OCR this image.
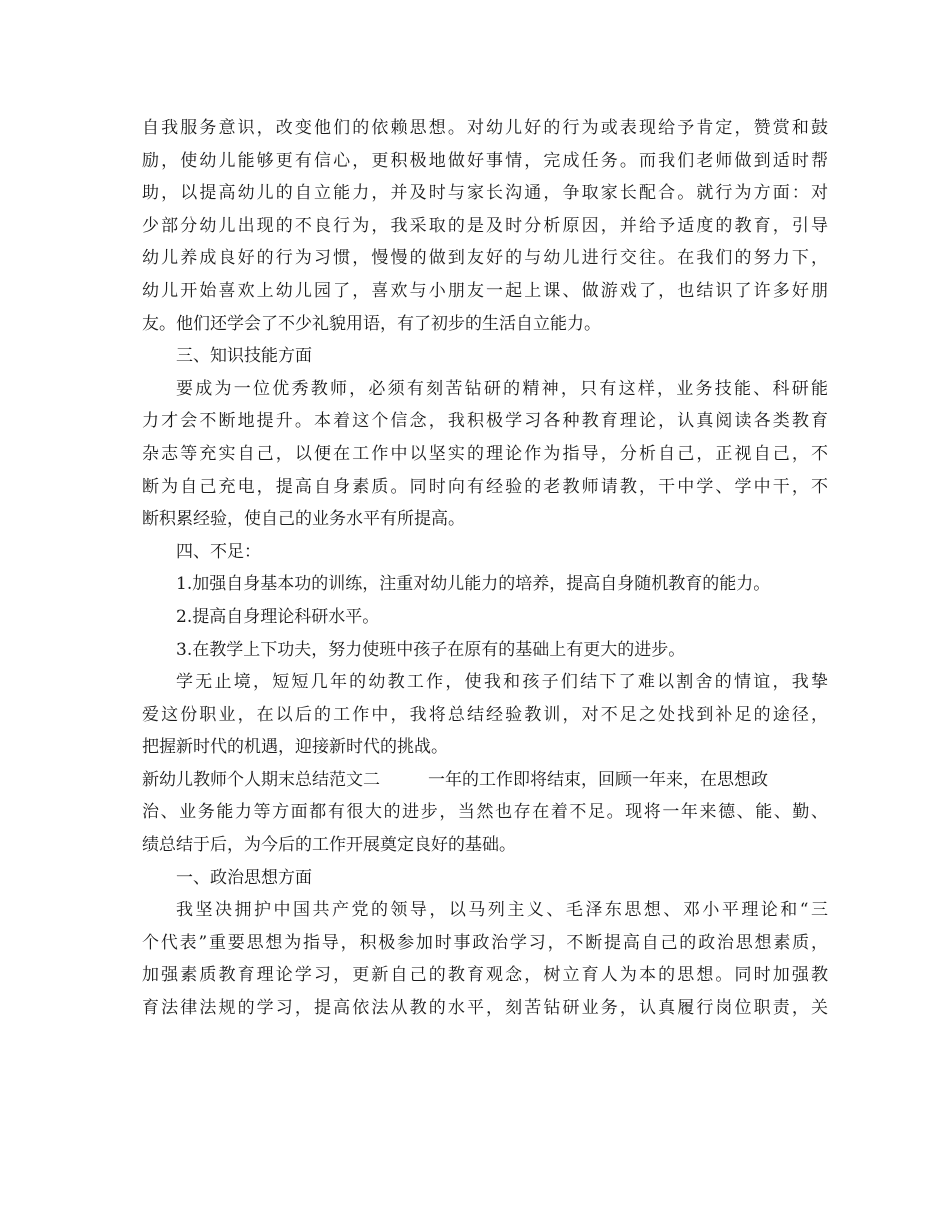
自我服务意识，改变他们的依赖思想。对幼儿好的行为或表现给予肯定，赞赏和鼓
励，使幼儿能够更有信心，更积极地做好事情，完成任务。而我们老师做到适时帮
助，以提高幼儿的自立能力，并及时与家长沟通，争取家长配合。就行为方面：对
少部分幼儿出现的不良行为，我采取的是及时分析原因，并给予适度的教育，引导
幼儿养成良好的行为习惯，慢慢的做到友好的与幼儿进行交往。在我们的努力下，
幼儿开始喜欢上幼儿园了，喜欢与小朋友一起上课、做游戏了，也结识了许多好朋
友。他们还学会了不少礼貌用语，有了初步的生活自立能力。
三、知识技能方面
要成为一位优秀教师，必须有刻苦钻研的精神，只有这样，业务技能、科研能
力才会不断地提升。本着这个信念，我积极学习各种教育理论，认真阅读各类教育
杂志等充实自己，以便在工作中以坚实的理论作为指导，分析自己，正视自己，不
断为自己充电，提高自身素质。同时向有经验的老教师请教，干中学、学中干，不
断积累经验，使自己的业务水平有所提高。
四、不足：
1.加强自身基本功的训练，注重对幼儿能力的培养，提高自身随机教育的能力。
2.提高自身理论科研水平。
3.在教学上下功夫，努力使班中孩子在原有的基础上有更大的进步。
学无止境，短短几年的幼教工作，使我和孩子们结下了难以割舍的情谊，我挚
爱这份职业，在以后的工作中，我将总结经验教训，对不足之处找到补足的途径，
把握新时代的机遇，迎接新时代的挑战。
新幼儿教师个人期末总结范文二	一年的工作即将结束，回顾一年来，在思想政
治、业务能力等方面都有很大的进步，当然也存在着不足。现将一年来德、能、勤、
绩总结于后，为今后的工作开展奠定良好的基础。
一、政治思想方面
我坚决拥护中国共产党的领导，以马列主义、毛泽东思想、邓小平理论和“三
个代表”重要思想为指导，积极参加时事政治学习，不断提高自己的政治思想素质，
加强素质教育理论学习，更新自己的教育观念，树立育人为本的思想。同时加强教
育法律法规的学习，提高依法从教的水平，刻苦钻研业务，认真履行岗位职责，关
